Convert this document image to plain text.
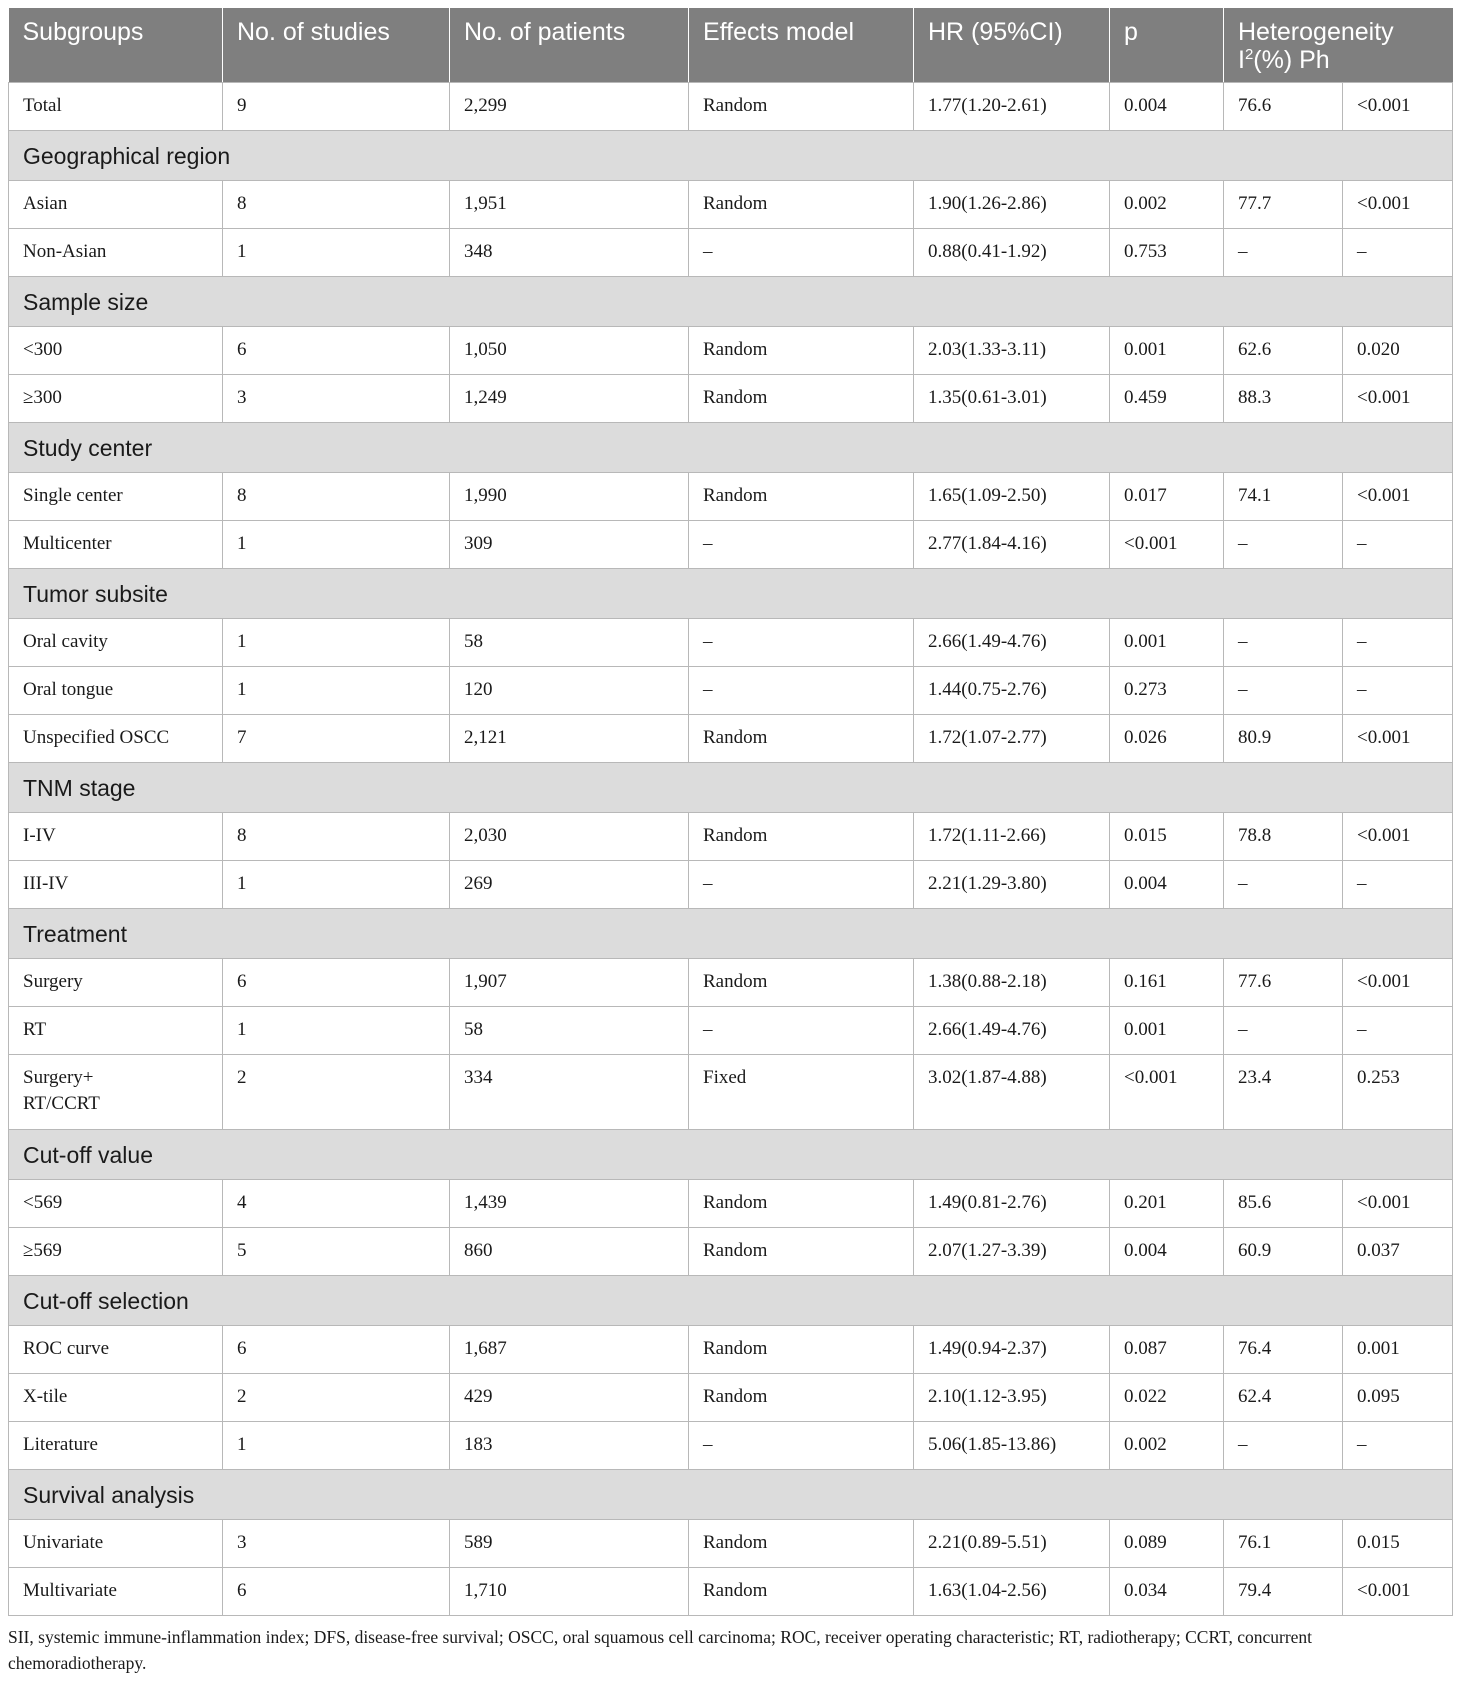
Subgroups	No. of studies	No. of patients	Effects model	HR (95%CI)	p	Heterogeneity
$I^2(\%)$ Ph	
Total	9	2,299	Random	1.77(1.20-2.61)	0.004	76.6	<0.001
Geographical region							
Asian	8	1,951	Random	1.90(1.26-2.86)	0.002	77.7	<0.001
Non-Asian	1	348	–	0.88(0.41-1.92)	0.753	–	–
Sample size							
<300	6	1,050	Random	2.03(1.33-3.11)	0.001	62.6	0.020
≥300	3	1,249	Random	1.35(0.61-3.01)	0.459	88.3	<0.001
Study center							
Single center	8	1,990	Random	1.65(1.09-2.50)	0.017	74.1	<0.001
Multicenter	1	309	–	2.77(1.84-4.16)	<0.001	–	–
Tumor subsite							
Oral cavity	1	58	–	2.66(1.49-4.76)	0.001	–	–
Oral tongue	1	120	–	1.44(0.75-2.76)	0.273	–	–
Unspecified OSCC	7	2,121	Random	1.72(1.07-2.77)	0.026	80.9	<0.001
TNM stage							
I-IV	8	2,030	Random	1.72(1.11-2.66)	0.015	78.8	<0.001
III-IV	1	269	–	2.21(1.29-3.80)	0.004	–	–
Treatment							
Surgery	6	1,907	Random	1.38(0.88-2.18)	0.161	77.6	<0.001
RT	1	58	–	2.66(1.49-4.76)	0.001	–	–
Surgery+
RT/CCRT	2	334	Fixed	3.02(1.87-4.88)	<0.001	23.4	0.253
Cut-off value							
<569	4	1,439	Random	1.49(0.81-2.76)	0.201	85.6	<0.001
≥569	5	860	Random	2.07(1.27-3.39)	0.004	60.9	0.037
Cut-off selection							
ROC curve	6	1,687	Random	1.49(0.94-2.37)	0.087	76.4	0.001
X-tile	2	429	Random	2.10(1.12-3.95)	0.022	62.4	0.095
Literature	1	183	–	5.06(1.85-13.86)	0.002	–	–
Survival analysis							
Univariate	3	589	Random	2.21(0.89-5.51)	0.089	76.1	0.015
Multivariate	6	1,710	Random	1.63(1.04-2.56)	0.034	79.4	<0.001
SII, systemic immune-inflammation index; DFS, disease-free survival; OSCC, oral squamous cell carcinoma; ROC, receiver operating characteristic; RT, radiotherapy; CCRT, concurrent chemoradiotherapy.
